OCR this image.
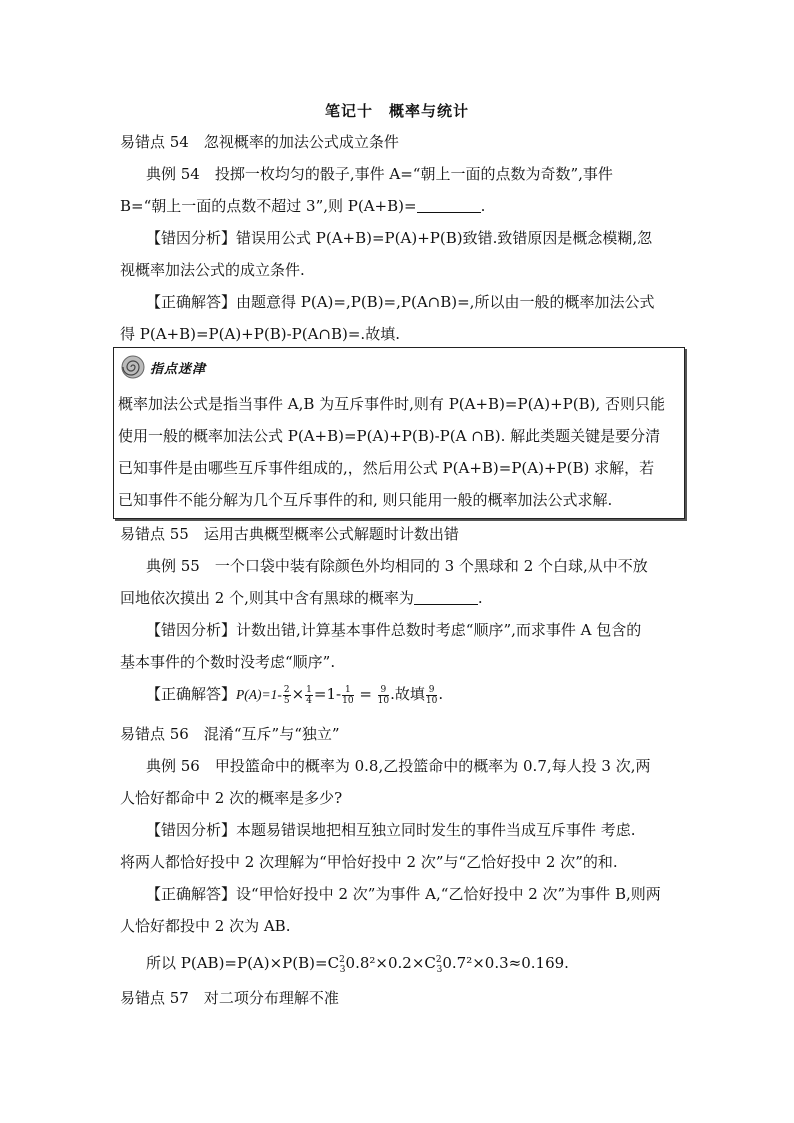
笔记十　概率与统计
易错点 54　忽视概率的加法公式成立条件
典例 54　投掷一枚均匀的骰子,事件 A=“朝上一面的点数为奇数”,事件
B=“朝上一面的点数不超过 3”,则 P(A+B)=	.
【错因分析】错误用公式 P(A+B)=P(A)+P(B)致错.致错原因是概念模糊,忽
视概率加法公式的成立条件.
【正确解答】由题意得 P(A)=,P(B)=,P(A∩B)=,所以由一般的概率加法公式
得 P(A+B)=P(A)+P(B)-P(A∩B)=.故填.
指点迷津
概率加法公式是指当事件 A,B 为互斥事件时,则有 P(A+B)=P(A)+P(B), 否则只能
使用一般的概率加法公式 P(A+B)=P(A)+P(B)-P(A ∩B). 解此类题关键是要分清
已知事件是由哪些互斥事件组成的,，然后用公式 P(A+B)=P(A)+P(B) 求解，若
已知事件不能分解为几个互斥事件的和, 则只能用一般的概率加法公式求解.
易错点 55　运用古典概型概率公式解题时计数出错
典例 55　一个口袋中装有除颜色外均相同的 3 个黑球和 2 个白球,从中不放
回地依次摸出 2 个,则其中含有黑球的概率为	.
【错因分析】计数出错,计算基本事件总数时考虑“顺序”,而求事件 A 包含的
基本事件的个数时没考虑“顺序”.
【正确解答】$P(A)=1- \frac{2}{5} \times \frac{1}{4} =1- \frac{1}{10} = \frac{9}{10}$ .故填 $\frac{9}{10}$ .
易错点 56　混淆“互斥”与“独立”
典例 56　甲投篮命中的概率为 0.8,乙投篮命中的概率为 0.7,每人投 3 次,两
人恰好都命中 2 次的概率是多少?
【错因分析】本题易错误地把相互独立同时发生的事件当成互斥事件 考虑.
将两人都恰好投中 2 次理解为“甲恰好投中 2 次”与“乙恰好投中 2 次”的和.
【正确解答】设“甲恰好投中 2 次”为事件 A,“乙恰好投中 2 次”为事件 B,则两
人恰好都投中 2 次为 AB.
所以 $P(AB)=P(A)\times P(B)=C^2_30.8^2\times 0.2\times C^2_30.7^2\times 0.3\approx 0.169$.
易错点 57　对二项分布理解不准
